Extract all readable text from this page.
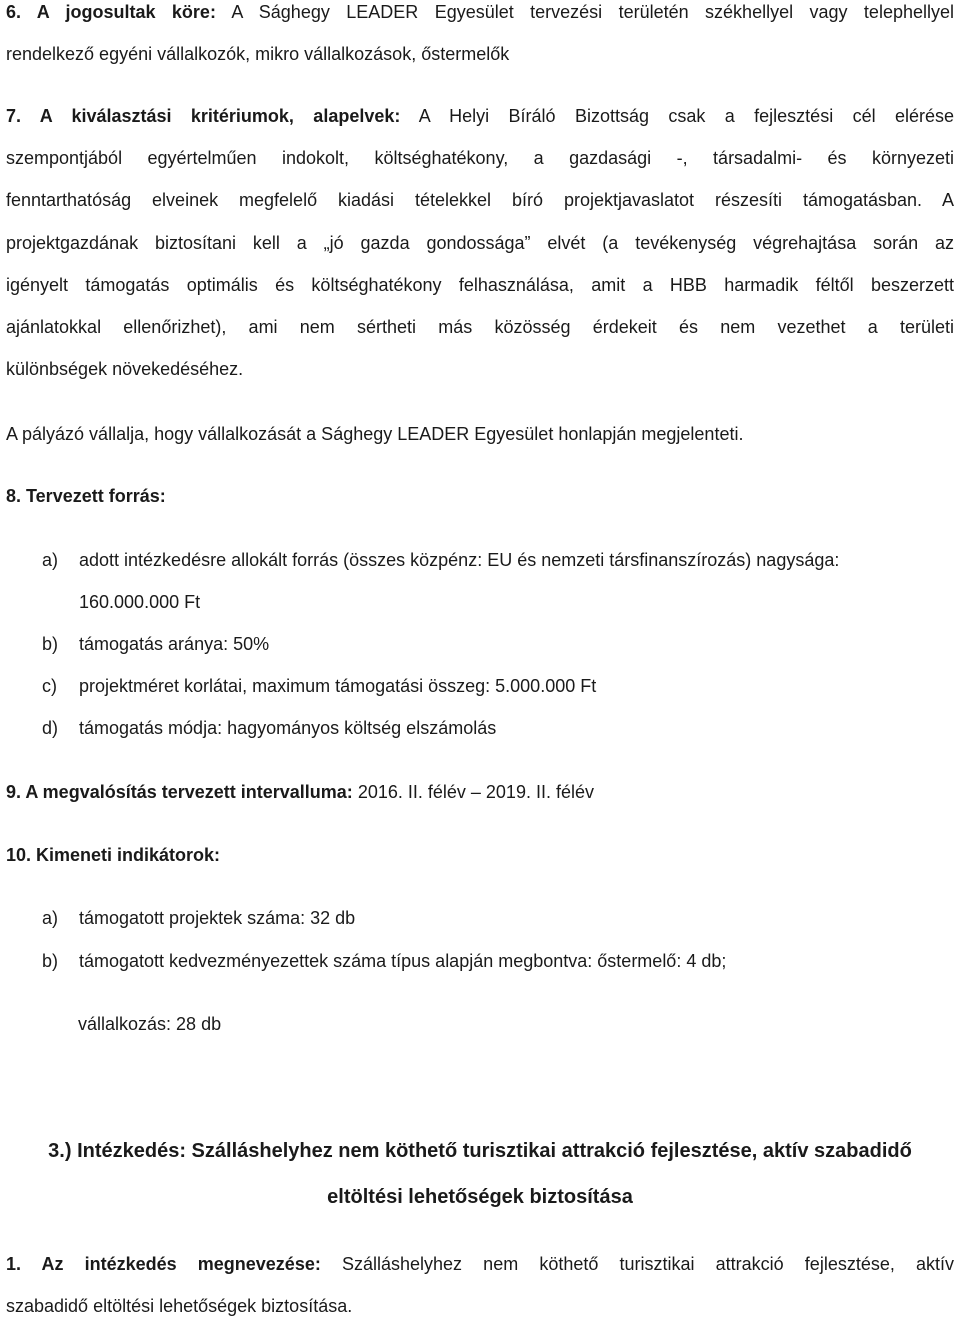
6. A jogosultak köre: A Sághegy LEADER Egyesület tervezési területén székhellyel vagy telephellyel
rendelkező egyéni vállalkozók, mikro vállalkozások, őstermelők
7. A kiválasztási kritériumok, alapelvek: A Helyi Bíráló Bizottság csak a fejlesztési cél elérése
szempontjából egyértelműen indokolt, költséghatékony, a gazdasági -, társadalmi- és környezeti
fenntarthatóság elveinek megfelelő kiadási tételekkel bíró projektjavaslatot részesíti támogatásban. A
projektgazdának biztosítani kell a „jó gazda gondossága” elvét (a tevékenység végrehajtása során az
igényelt támogatás optimális és költséghatékony felhasználása, amit a HBB harmadik féltől beszerzett
ajánlatokkal ellenőrizhet), ami nem sértheti más közösség érdekeit és nem vezethet a területi
különbségek növekedéséhez.
A pályázó vállalja, hogy vállalkozását a Sághegy LEADER Egyesület honlapján megjelenteti.
8. Tervezett forrás:
a) adott intézkedésre allokált forrás (összes közpénz: EU és nemzeti társfinanszírozás) nagysága:
160.000.000 Ft
b) támogatás aránya: 50%
c) projektméret korlátai, maximum támogatási összeg: 5.000.000 Ft
d) támogatás módja: hagyományos költség elszámolás
9. A megvalósítás tervezett intervalluma: 2016. II. félév – 2019. II. félév
10. Kimeneti indikátorok:
a) támogatott projektek száma: 32 db
b) támogatott kedvezményezettek száma típus alapján megbontva: őstermelő: 4 db;
vállalkozás: 28 db
3.) Intézkedés: Szálláshelyhez nem köthető turisztikai attrakció fejlesztése, aktív szabadidő
eltöltési lehetőségek biztosítása
1. Az intézkedés megnevezése: Szálláshelyhez nem köthető turisztikai attrakció fejlesztése, aktív
szabadidő eltöltési lehetőségek biztosítása.
